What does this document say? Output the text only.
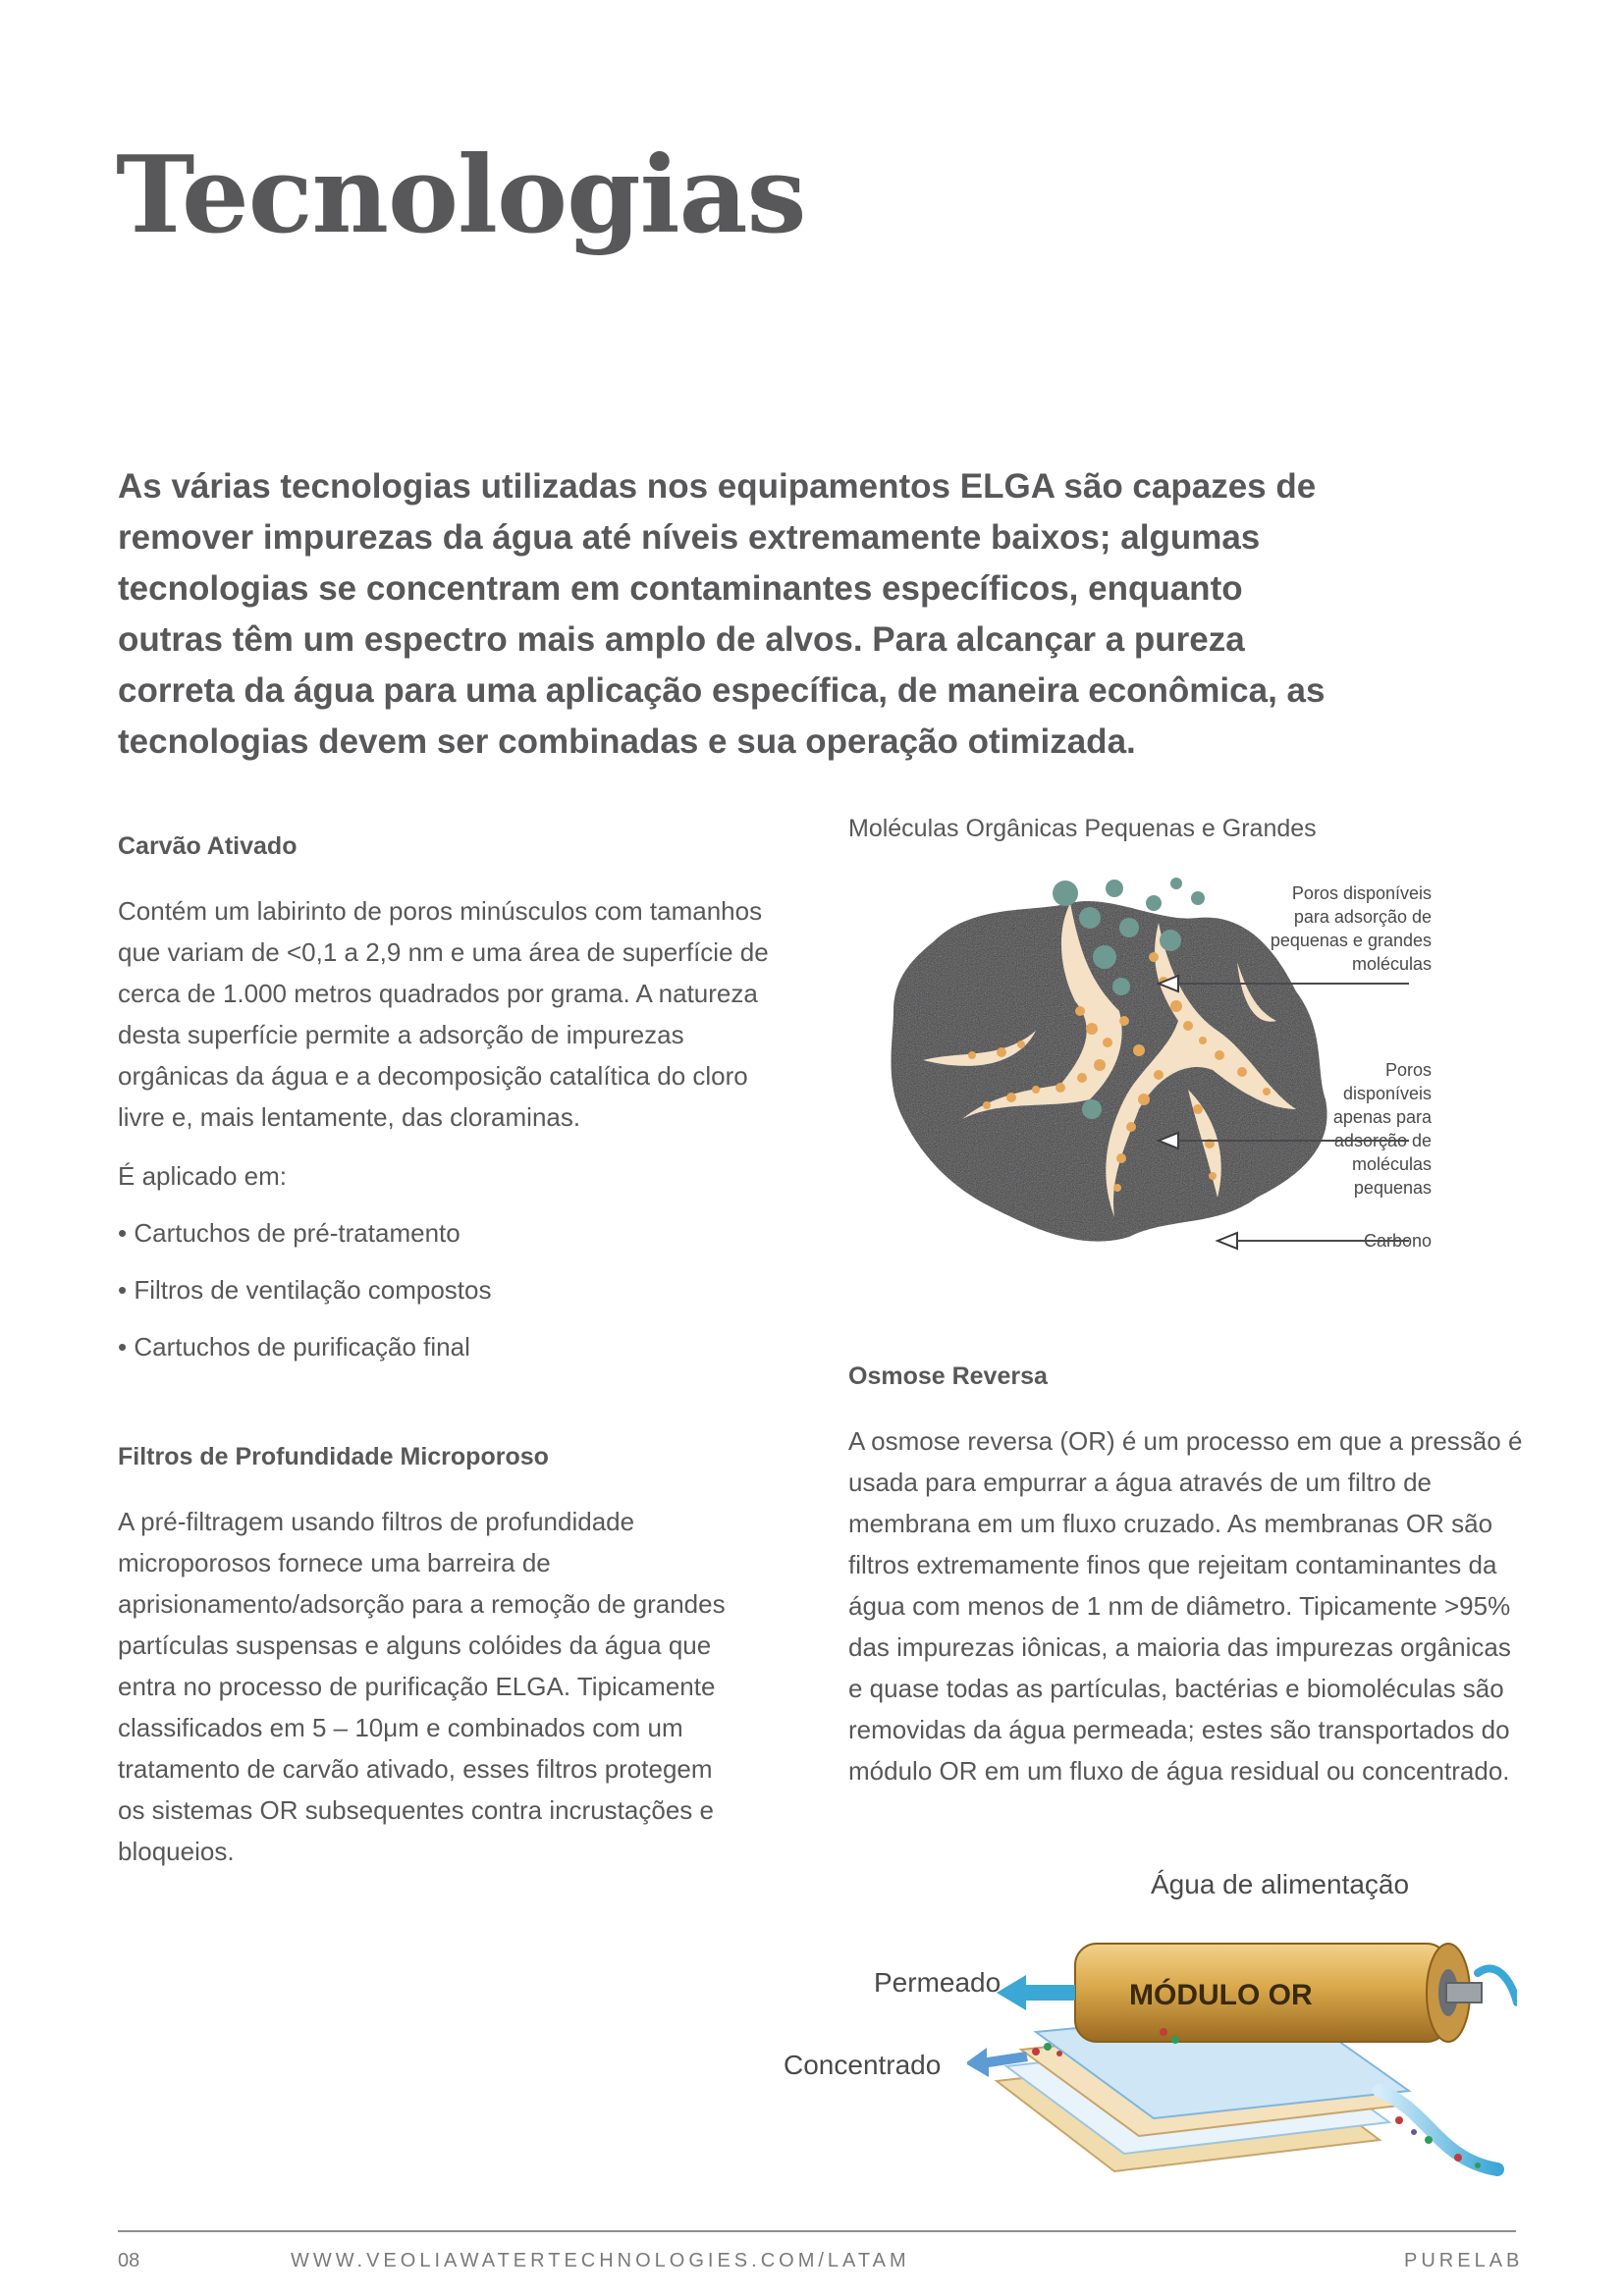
Tecnologias

As várias tecnologias utilizadas nos equipamentos ELGA são capazes de remover impurezas da água até níveis extremamente baixos; algumas tecnologias se concentram em contaminantes específicos, enquanto outras têm um espectro mais amplo de alvos. Para alcançar a pureza correta da água para uma aplicação específica, de maneira econômica, as tecnologias devem ser combinadas e sua operação otimizada.

Carvão Ativado

Contém um labirinto de poros minúsculos com tamanhos que variam de <0,1 a 2,9 nm e uma área de superfície de cerca de 1.000 metros quadrados por grama. A natureza desta superfície permite a adsorção de impurezas orgânicas da água e a decomposição catalítica do cloro livre e, mais lentamente, das cloraminas.

É aplicado em:

• Cartuchos de pré-tratamento
• Filtros de ventilação compostos
• Cartuchos de purificação final
Filtros de Profundidade Microporoso

A pré-filtragem usando filtros de profundidade microporosos fornece uma barreira de aprisionamento/adsorção para a remoção de grandes partículas suspensas e alguns colóides da água que entra no processo de purificação ELGA. Tipicamente classificados em 5 – 10μm e combinados com um tratamento de carvão ativado, esses filtros protegem os sistemas OR subsequentes contra incrustações e bloqueios.

Moléculas Orgânicas Pequenas e Grandes
Poros disponíveis para adsorção de pequenas e grandes moléculas
Poros disponíveis apenas para adsorção de moléculas pequenas
Carbono
Osmose Reversa

A osmose reversa (OR) é um processo em que a pressão é usada para empurrar a água através de um filtro de membrana em um fluxo cruzado. As membranas OR são filtros extremamente finos que rejeitam contaminantes da água com menos de 1 nm de diâmetro. Tipicamente >95% das impurezas iônicas, a maioria das impurezas orgânicas e quase todas as partículas, bactérias e biomoléculas são removidas da água permeada; estes são transportados do módulo OR em um fluxo de água residual ou concentrado.

Água de alimentação
Permeado
Concentrado
MÓDULO OR
08	WWW.VEOLIAWATERTECHNOLOGIES.COM/LATAM	PURELAB
